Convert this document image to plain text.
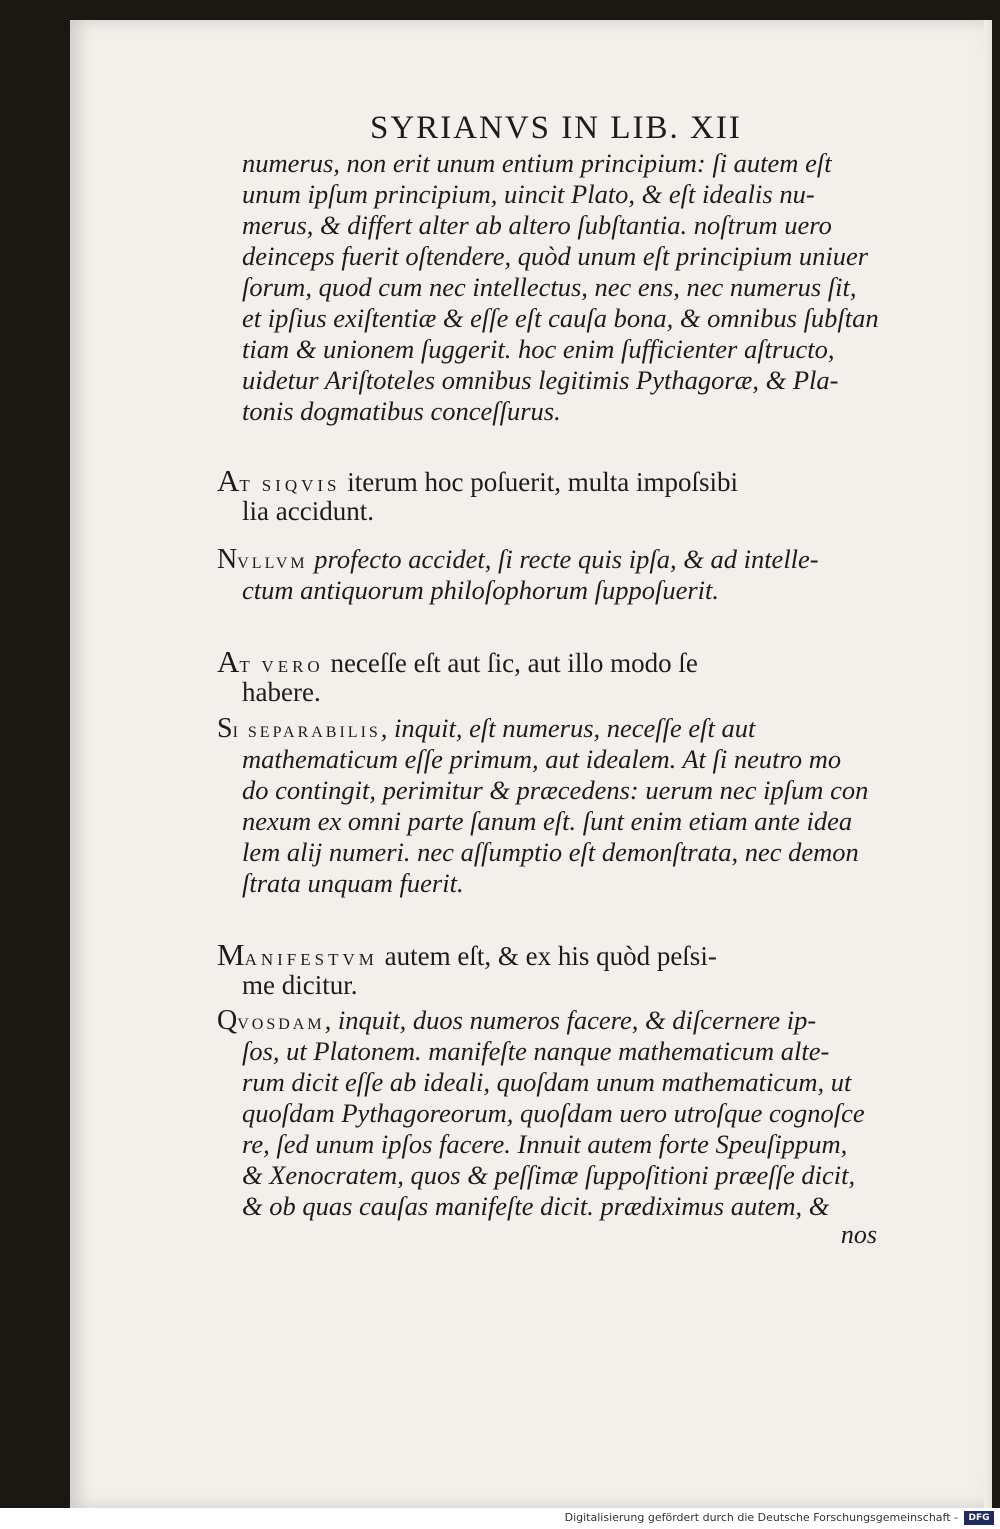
SYRIANVS IN LIB. XII
numerus, non erit unum entium principium: ſi autem eſt
unum ipſum principium, uincit Plato, & eſt idealis nu-
merus, & differt alter ab altero ſubſtantia. noſtrum uero
deinceps fuerit oſtendere, quòd unum eſt principium uniuer
ſorum, quod cum nec intellectus, nec ens, nec numerus ſit,
et ipſius exiſtentiæ & eſſe eſt cauſa bona, & omnibus ſubſtan
tiam & unionem ſuggerit. hoc enim ſufficienter aſtructo,
uidetur Ariſtoteles omnibus legitimis Pythagoræ, & Pla-
tonis dogmatibus conceſſurus.
AT SIQVIS iterum hoc poſuerit, multa impoſsibi
lia accidunt.
NVLLVM profecto accidet, ſi recte quis ipſa, & ad intelle-
ctum antiquorum philoſophorum ſuppoſuerit.
AT VERO neceſſe eſt aut ſic, aut illo modo ſe
habere.
SI SEPARABILIS, inquit, eſt numerus, neceſſe eſt aut
mathematicum eſſe primum, aut idealem. At ſi neutro mo
do contingit, perimitur & præcedens: uerum nec ipſum con
nexum ex omni parte ſanum eſt. ſunt enim etiam ante idea
lem alij numeri. nec aſſumptio eſt demonſtrata, nec demon
ſtrata unquam fuerit.
MANIFESTVM autem eſt, & ex his quòd peſsi-
me dicitur.
QVOSDAM, inquit, duos numeros facere, & diſcernere ip-
ſos, ut Platonem. manifeſte nanque mathematicum alte-
rum dicit eſſe ab ideali, quoſdam unum mathematicum, ut
quoſdam Pythagoreorum, quoſdam uero utroſque cognoſce
re, ſed unum ipſos facere. Innuit autem forte Speuſippum,
& Xenocratem, quos & peſſimæ ſuppoſitioni præeſſe dicit,
& ob quas cauſas manifeſte dicit. prædiximus autem, &
nos
Digitalisierung gefördert durch die Deutsche Forschungsgemeinschaft -	DFG
